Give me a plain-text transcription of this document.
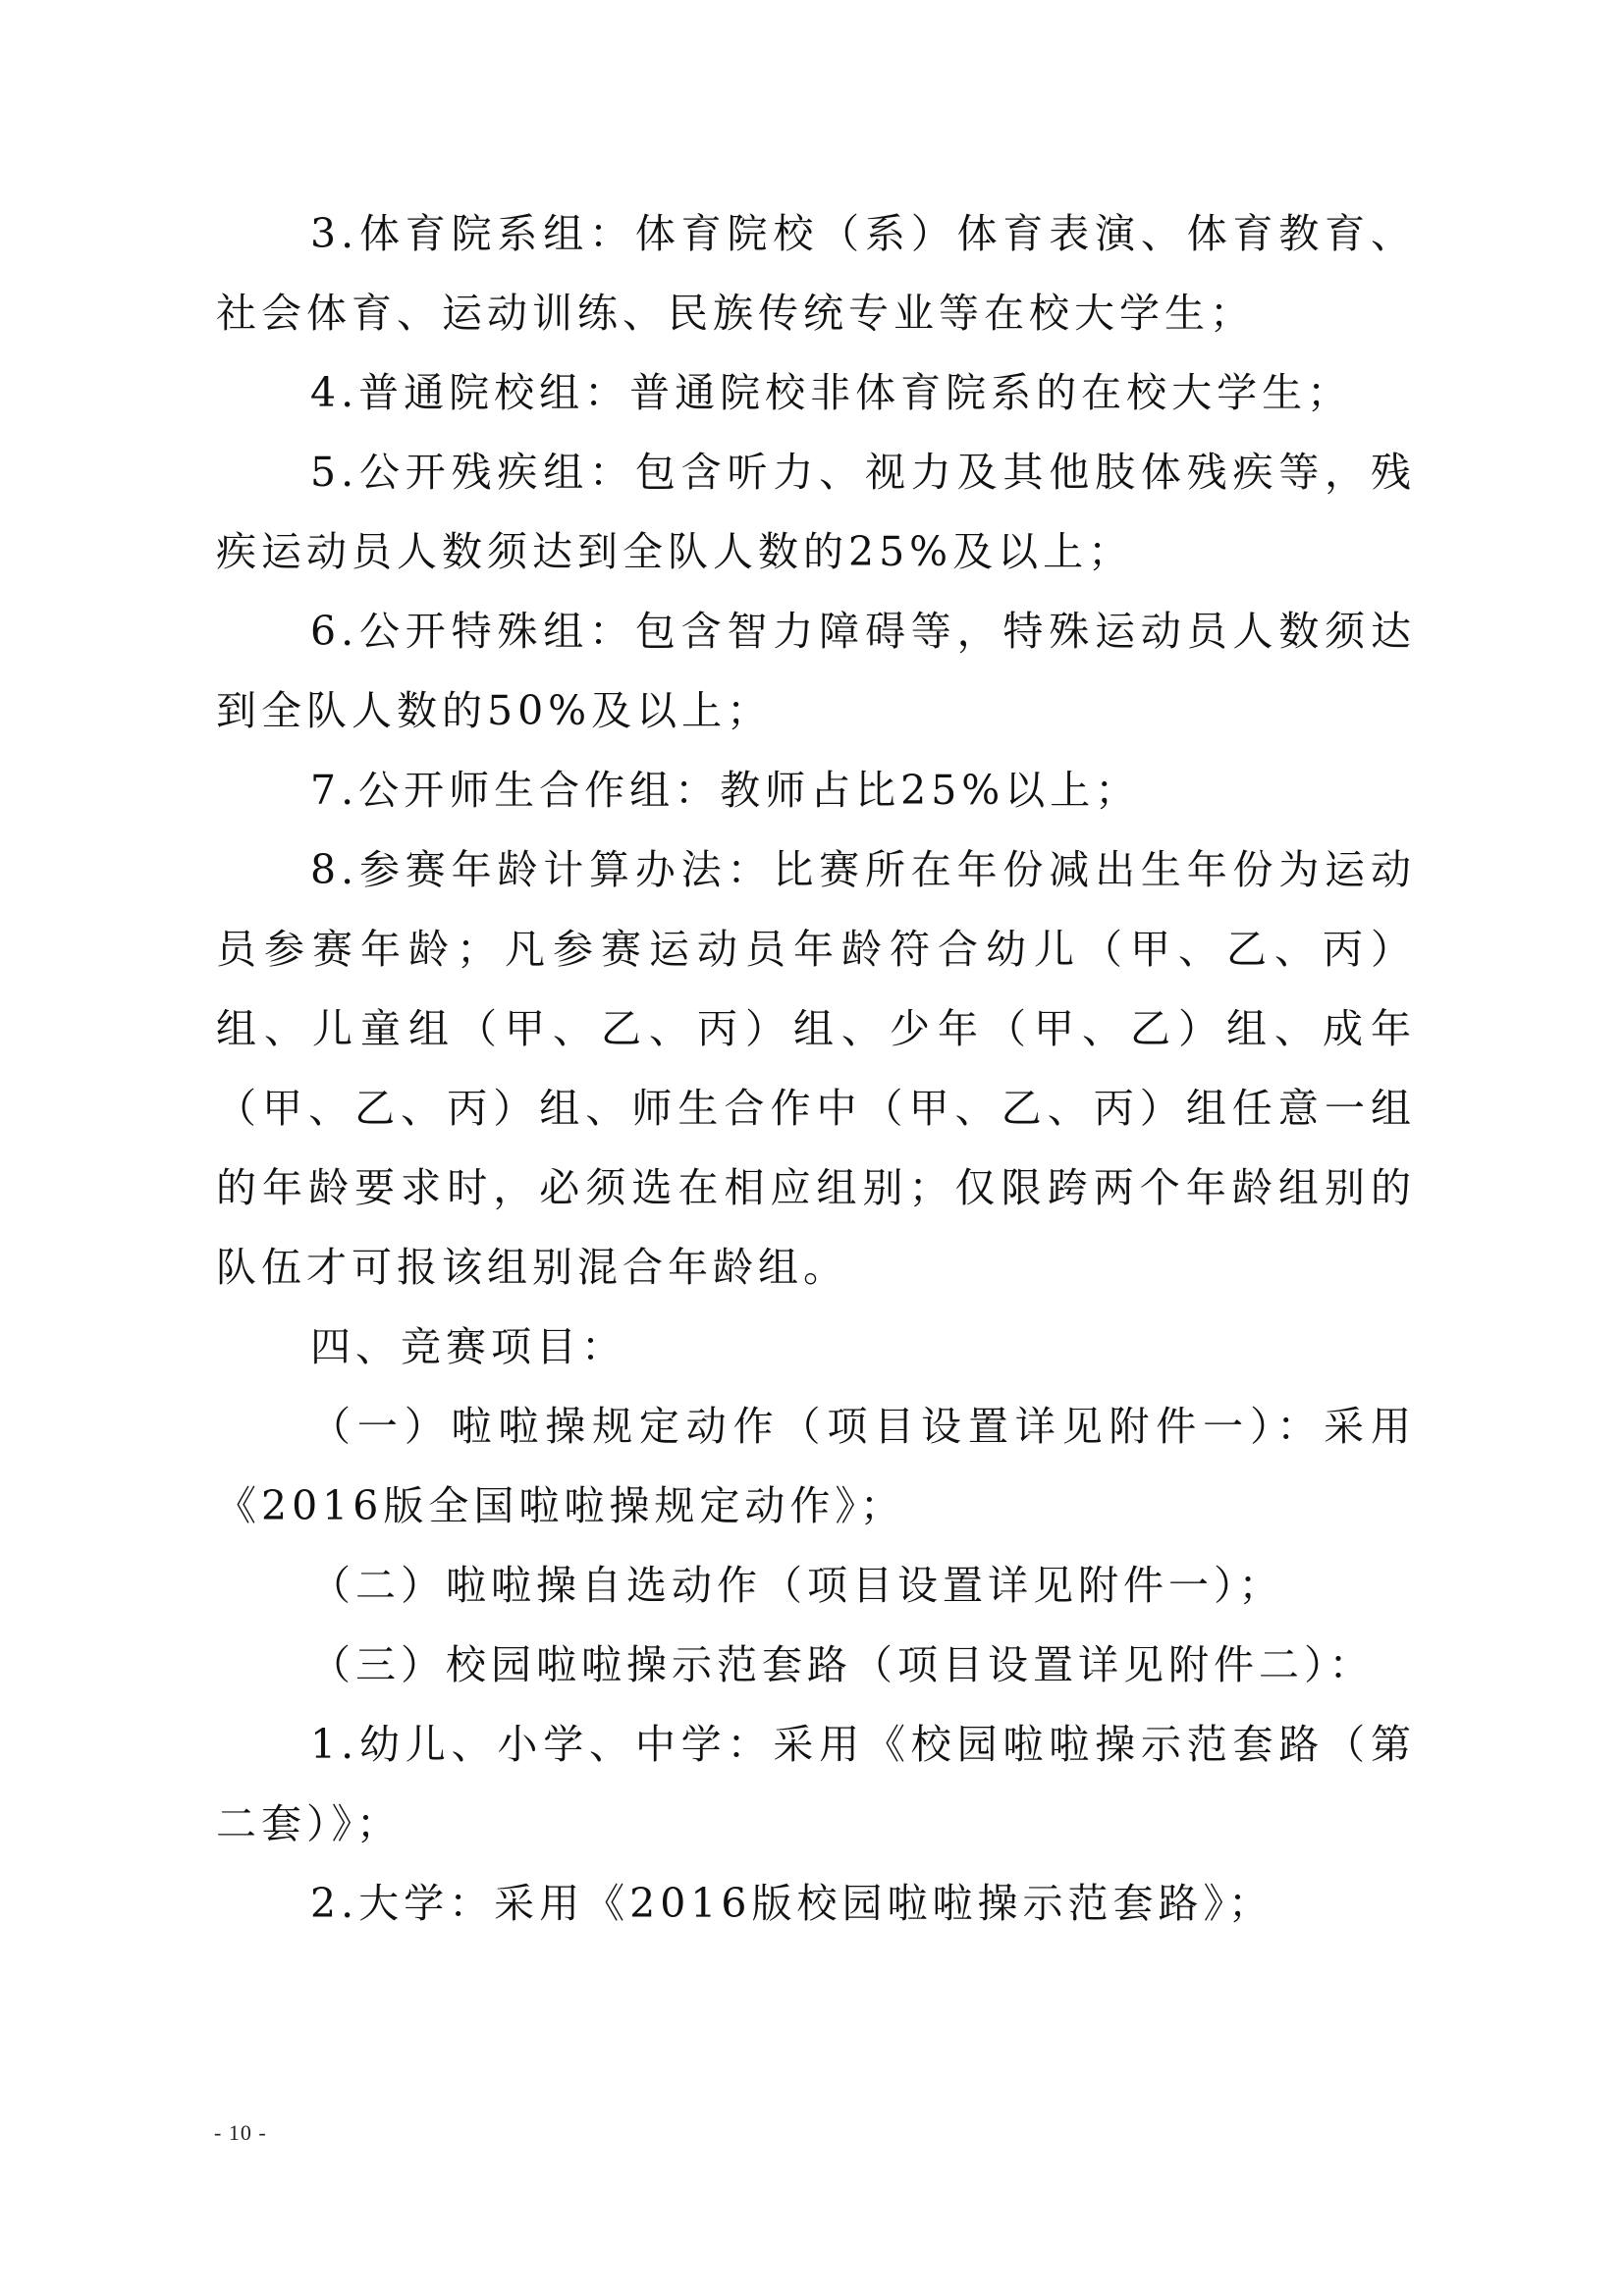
3.体育院系组：体育院校（系）体育表演、体育教育、社会体育、运动训练、民族传统专业等在校大学生；

4.普通院校组：普通院校非体育院系的在校大学生；

5.公开残疾组：包含听力、视力及其他肢体残疾等，残疾运动员人数须达到全队人数的25%及以上；

6.公开特殊组：包含智力障碍等，特殊运动员人数须达到全队人数的50%及以上；

7.公开师生合作组：教师占比25%以上；

8.参赛年龄计算办法：比赛所在年份减出生年份为运动员参赛年龄；凡参赛运动员年龄符合幼儿（甲、乙、丙）组、儿童组（甲、乙、丙）组、少年（甲、乙）组、成年（甲、乙、丙）组、师生合作中（甲、乙、丙）组任意一组的年龄要求时，必须选在相应组别；仅限跨两个年龄组别的队伍才可报该组别混合年龄组。

四、竞赛项目：

（一）啦啦操规定动作（项目设置详见附件一）：采用《2016版全国啦啦操规定动作》；

（二）啦啦操自选动作（项目设置详见附件一）；

（三）校园啦啦操示范套路（项目设置详见附件二）：

1.幼儿、小学、中学：采用《校园啦啦操示范套路（第二套）》；

2.大学：采用《2016版校园啦啦操示范套路》；

- 10 -
